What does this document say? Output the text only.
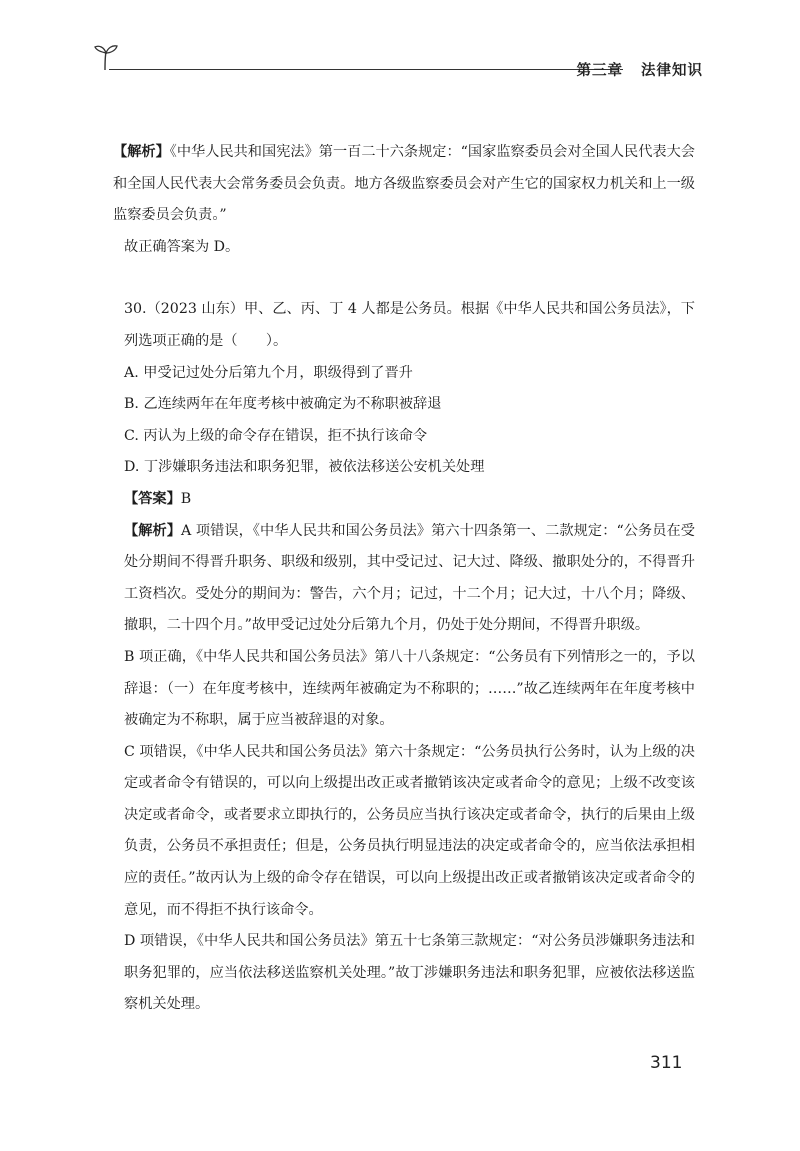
第三章 法律知识

【解析】《中华人民共和国宪法》第一百二十六条规定：“国家监察委员会对全国人民代表大会和全国人民代表大会常务委员会负责。地方各级监察委员会对产生它的国家权力机关和上一级监察委员会负责。”

故正确答案为 D。

30.（2023 山东）甲、乙、丙、丁 4 人都是公务员。根据《中华人民共和国公务员法》，下列选项正确的是（　　）。

A. 甲受记过处分后第九个月，职级得到了晋升

B. 乙连续两年在年度考核中被确定为不称职被辞退

C. 丙认为上级的命令存在错误，拒不执行该命令

D. 丁涉嫌职务违法和职务犯罪，被依法移送公安机关处理

【答案】B

【解析】A 项错误，《中华人民共和国公务员法》第六十四条第一、二款规定：“公务员在受处分期间不得晋升职务、职级和级别，其中受记过、记大过、降级、撤职处分的，不得晋升工资档次。受处分的期间为：警告，六个月；记过，十二个月；记大过，十八个月；降级、撤职，二十四个月。”故甲受记过处分后第九个月，仍处于处分期间，不得晋升职级。

B 项正确，《中华人民共和国公务员法》第八十八条规定：“公务员有下列情形之一的，予以辞退：（一）在年度考核中，连续两年被确定为不称职的；……”故乙连续两年在年度考核中被确定为不称职，属于应当被辞退的对象。

C 项错误，《中华人民共和国公务员法》第六十条规定：“公务员执行公务时，认为上级的决定或者命令有错误的，可以向上级提出改正或者撤销该决定或者命令的意见；上级不改变该决定或者命令，或者要求立即执行的，公务员应当执行该决定或者命令，执行的后果由上级负责，公务员不承担责任；但是，公务员执行明显违法的决定或者命令的，应当依法承担相应的责任。”故丙认为上级的命令存在错误，可以向上级提出改正或者撤销该决定或者命令的意见，而不得拒不执行该命令。

D 项错误，《中华人民共和国公务员法》第五十七条第三款规定：“对公务员涉嫌职务违法和职务犯罪的，应当依法移送监察机关处理。”故丁涉嫌职务违法和职务犯罪，应被依法移送监察机关处理。

311
